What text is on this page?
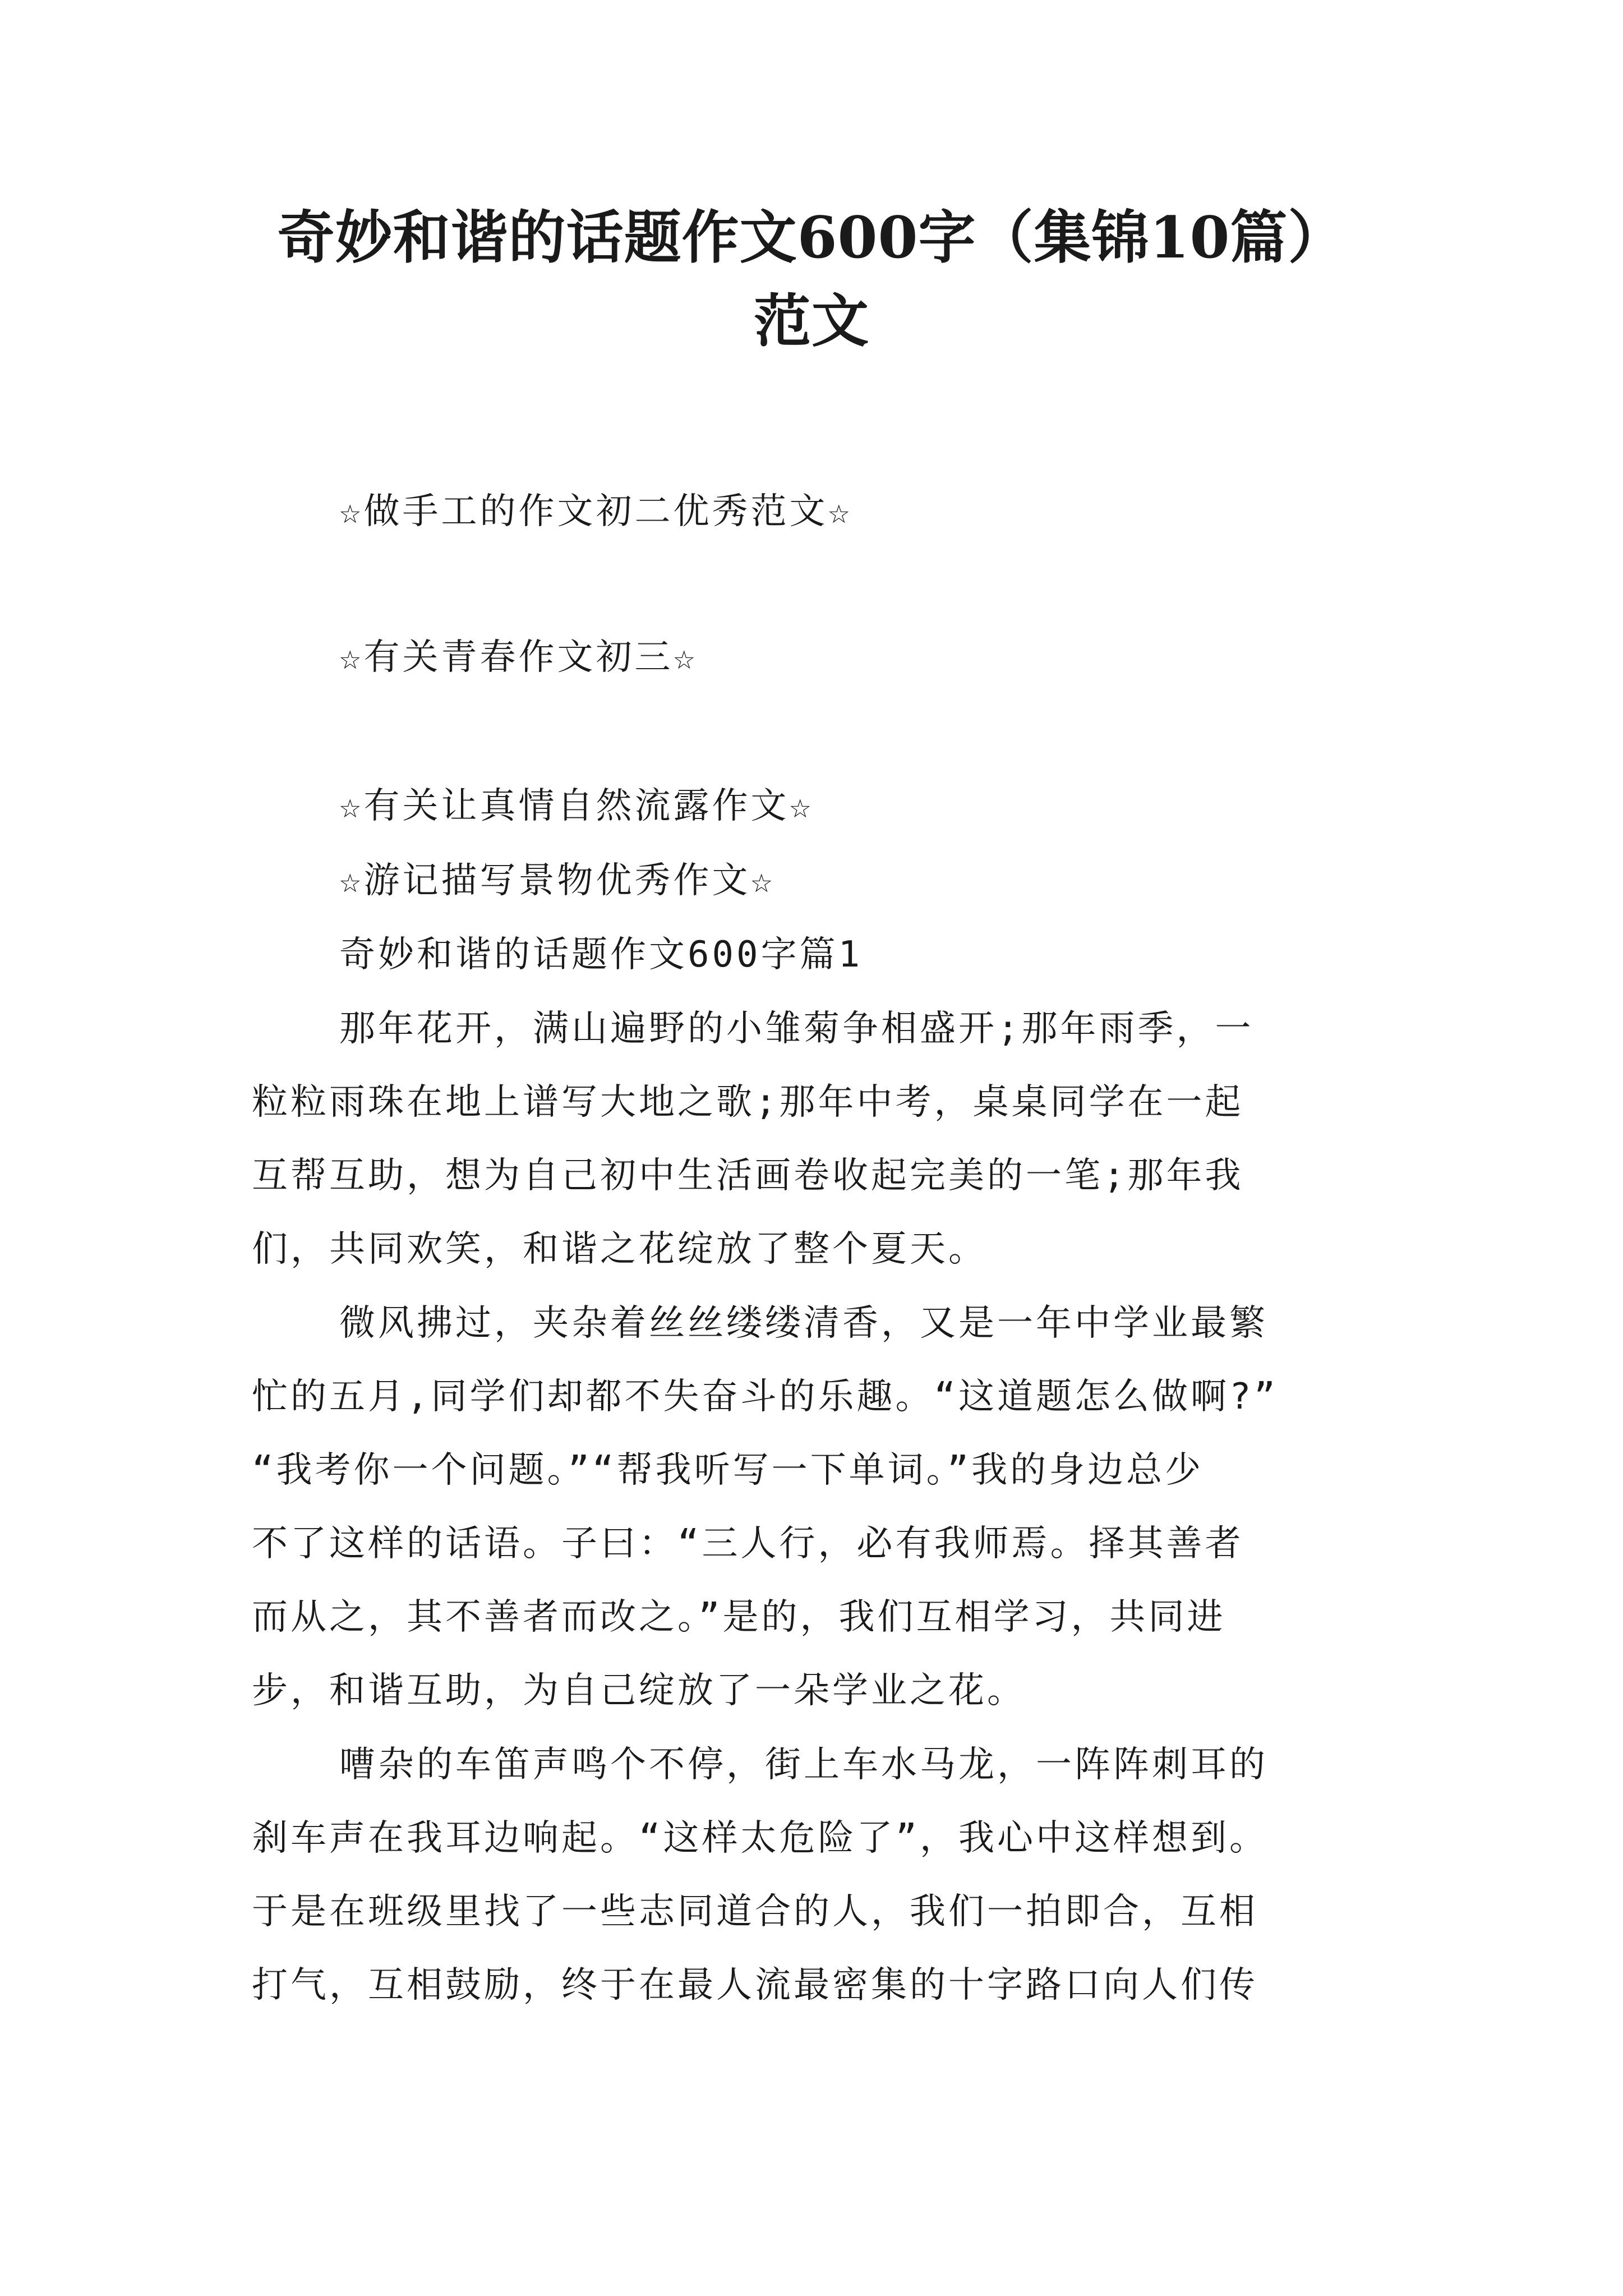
奇妙和谐的话题作文600字（集锦10篇）
范文
☆做手工的作文初二优秀范文☆
☆有关青春作文初三☆
☆有关让真情自然流露作文☆
☆游记描写景物优秀作文☆
奇妙和谐的话题作文600字篇1
那年花开，满山遍野的小雏菊争相盛开;那年雨季，一
粒粒雨珠在地上谱写大地之歌;那年中考，桌桌同学在一起
互帮互助，想为自己初中生活画卷收起完美的一笔;那年我
们，共同欢笑，和谐之花绽放了整个夏天。
微风拂过，夹杂着丝丝缕缕清香，又是一年中学业最繁
忙的五月,同学们却都不失奋斗的乐趣。“这道题怎么做啊?”
“我考你一个问题。”“帮我听写一下单词。”我的身边总少
不了这样的话语。子曰：“三人行，必有我师焉。择其善者
而从之，其不善者而改之。”是的，我们互相学习，共同进
步，和谐互助，为自己绽放了一朵学业之花。
嘈杂的车笛声鸣个不停，街上车水马龙，一阵阵刺耳的
刹车声在我耳边响起。“这样太危险了”，我心中这样想到。
于是在班级里找了一些志同道合的人，我们一拍即合，互相
打气，互相鼓励，终于在最人流最密集的十字路口向人们传
